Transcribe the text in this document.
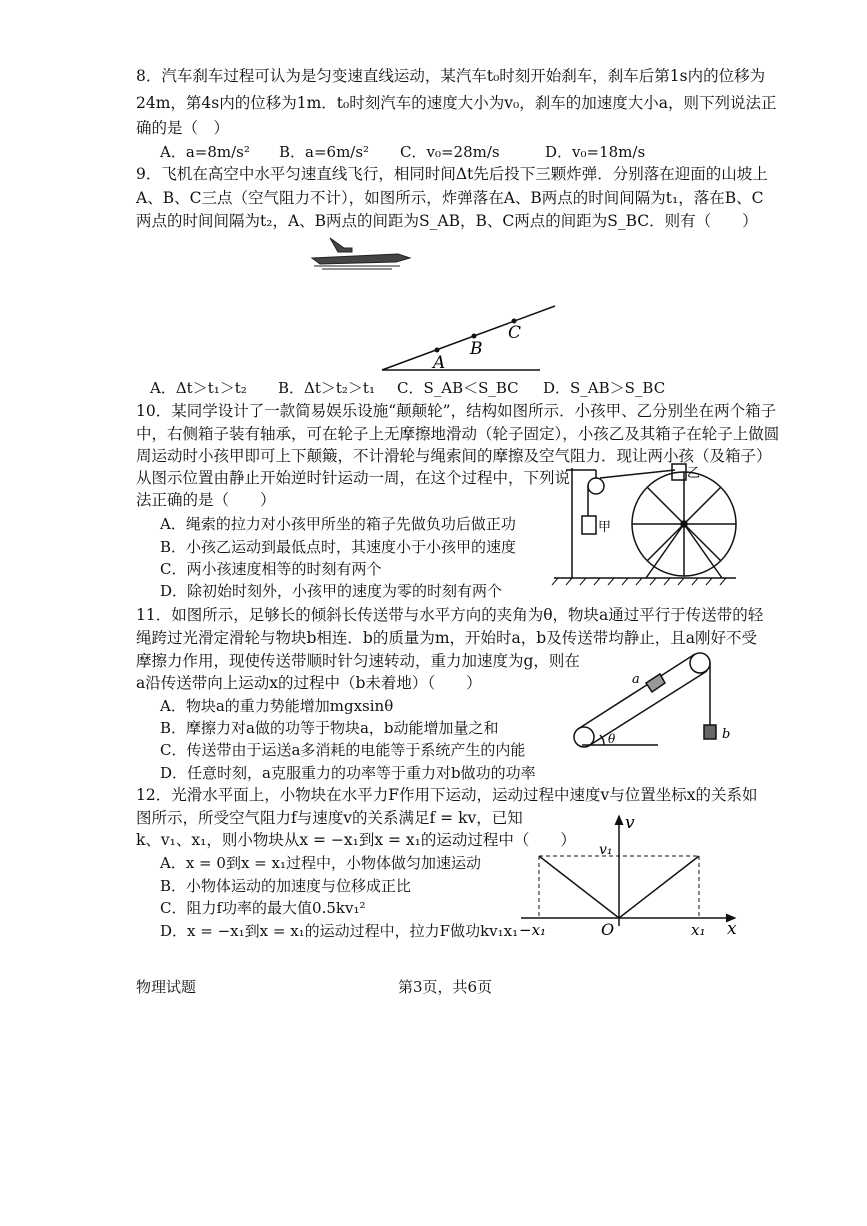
8．汽车刹车过程可认为是匀变速直线运动，某汽车t₀时刻开始刹车，刹车后第1s内的位移为
24m，第4s内的位移为1m．t₀时刻汽车的速度大小为v₀，刹车的加速度大小a，则下列说法正
确的是（　）
A．a=8m/s² B．a=6m/s² C．v₀=28m/s	D．v₀=18m/s
9．飞机在高空中水平匀速直线飞行，相同时间Δt先后投下三颗炸弹．分别落在迎面的山坡上
A、B、C三点（空气阻力不计），如图所示，炸弹落在A、B两点的时间间隔为t₁，落在B、C
两点的时间间隔为t₂，A、B两点的间距为S_AB，B、C两点的间距为S_BC．则有（　　）
A
B
C
A．Δt＞t₁＞t₂ B．Δt＞t₂＞t₁ C．S_AB＜S_BC D．S_AB＞S_BC
10．某同学设计了一款简易娱乐设施“颠颠轮”，结构如图所示．小孩甲、乙分别坐在两个箱子
中，右侧箱子装有轴承，可在轮子上无摩擦地滑动（轮子固定），小孩乙及其箱子在轮子上做圆
周运动时小孩甲即可上下颠簸，不计滑轮与绳索间的摩擦及空气阻力．现让两小孩（及箱子）
从图示位置由静止开始逆时针运动一周，在这个过程中，下列说
法正确的是（　　）
A．绳索的拉力对小孩甲所坐的箱子先做负功后做正功
B．小孩乙运动到最低点时，其速度小于小孩甲的速度
C．两小孩速度相等的时刻有两个
D．除初始时刻外，小孩甲的速度为零的时刻有两个
甲
乙
11．如图所示，足够长的倾斜长传送带与水平方向的夹角为θ，物块a通过平行于传送带的轻
绳跨过光滑定滑轮与物块b相连．b的质量为m，开始时a，b及传送带均静止，且a刚好不受
摩擦力作用，现使传送带顺时针匀速转动，重力加速度为g，则在
a沿传送带向上运动x的过程中（b未着地）（　　）
A．物块a的重力势能增加mgxsinθ
B．摩擦力对a做的功等于物块a，b动能增加量之和
C．传送带由于运送a多消耗的电能等于系统产生的内能
D．任意时刻，a克服重力的功率等于重力对b做功的功率
a
b
θ
12．光滑水平面上，小物块在水平力F作用下运动，运动过程中速度v与位置坐标x的关系如
图所示，所受空气阻力f与速度v的关系满足f = kv，已知
k、v₁、x₁，则小物块从x = −x₁到x = x₁的运动过程中（　　）
A．x = 0到x = x₁过程中，小物体做匀加速运动
B．小物体运动的加速度与位移成正比
C．阻力f功率的最大值0.5kv₁²
D．x = −x₁到x = x₁的运动过程中，拉力F做功kv₁x₁
v
x
v₁
O
−x₁	x₁
物理试题	第3页，共6页
